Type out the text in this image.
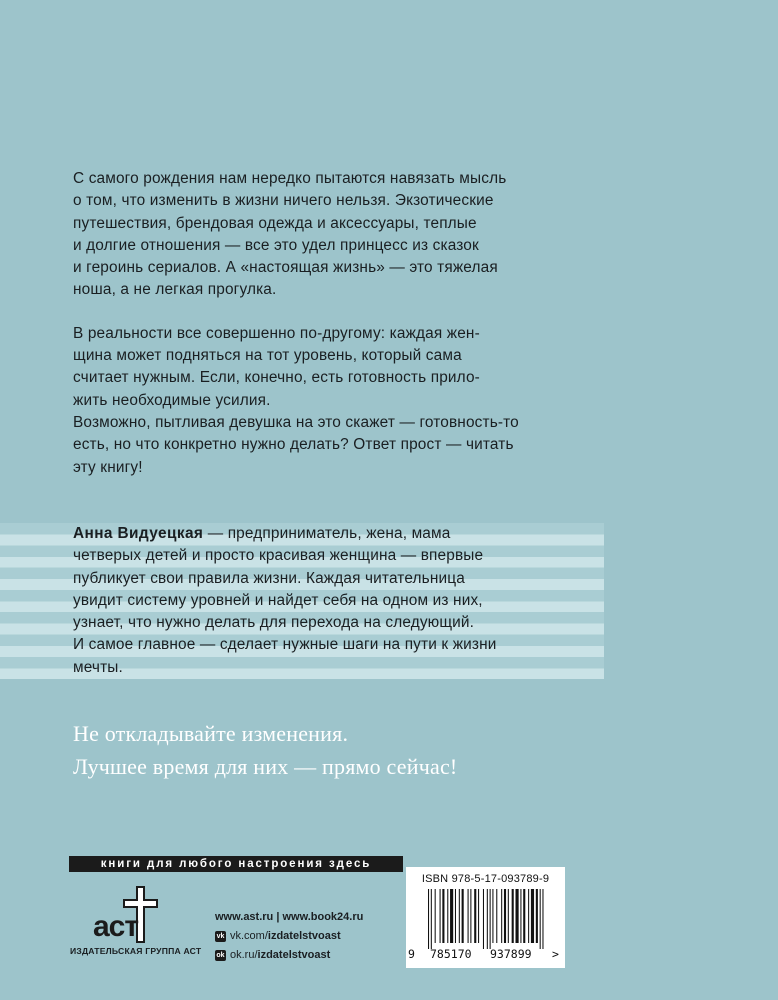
С самого рождения нам нередко пытаются навязать мысль
о том, что изменить в жизни ничего нельзя. Экзотические
путешествия, брендовая одежда и аксессуары, теплые
и долгие отношения — все это удел принцесс из сказок
и героинь сериалов. А «настоящая жизнь» — это тяжелая
ноша, а не легкая прогулка.

В реальности все совершенно по-другому: каждая жен-
щина может подняться на тот уровень, который сама
считает нужным. Если, конечно, есть готовность прило-
жить необходимые усилия.

Возможно, пытливая девушка на это скажет — готовность-то
есть, но что конкретно нужно делать? Ответ прост — читать
эту книгу!

Анна Видуецкая — предприниматель, жена, мама
четверых детей и просто красивая женщина — впервые
публикует свои правила жизни. Каждая читательница
увидит систему уровней и найдет себя на одном из них,
узнает, что нужно делать для перехода на следующий.
И самое главное — сделает нужные шаги на пути к жизни
мечты.

Не откладывайте изменения.
Лучшее время для них — прямо сейчас!
книги для любого настроения здесь
аст
ИЗДАТЕЛЬСКАЯ ГРУППА АСТ
www.ast.ru | www.book24.ru
vk vk.com/ izdatelstvoast
ok ok.ru/ izdatelstvoast
ISBN 978-5-17-093789-9
9 785170 937899 >
